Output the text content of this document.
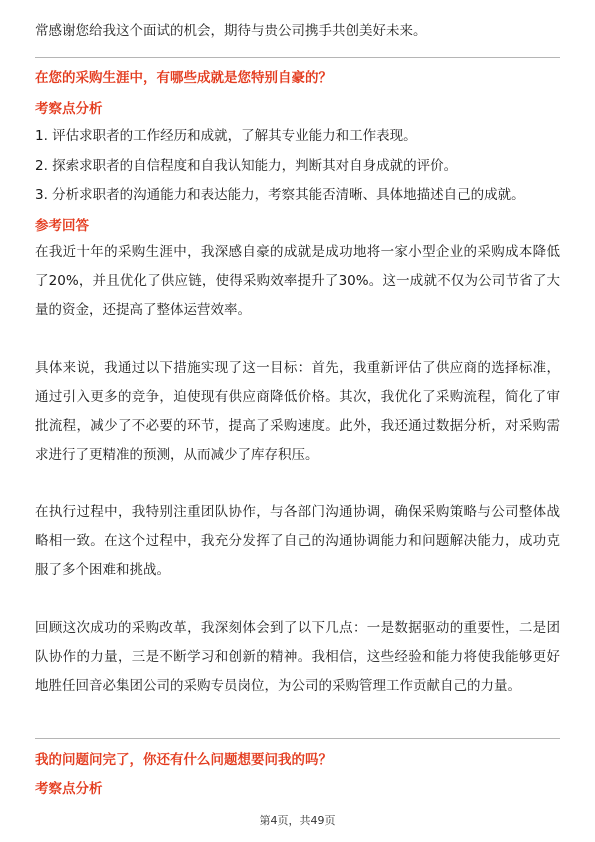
常感谢您给我这个面试的机会，期待与贵公司携手共创美好未来。
在您的采购生涯中，有哪些成就是您特别自豪的？
考察点分析
1. 评估求职者的工作经历和成就，了解其专业能力和工作表现。
2. 探索求职者的自信程度和自我认知能力，判断其对自身成就的评价。
3. 分析求职者的沟通能力和表达能力，考察其能否清晰、具体地描述自己的成就。
参考回答
在我近十年的采购生涯中，我深感自豪的成就是成功地将一家小型企业的采购成本降低了20%，并且优化了供应链，使得采购效率提升了30%。这一成就不仅为公司节省了大量的资金，还提高了整体运营效率。
具体来说，我通过以下措施实现了这一目标：首先，我重新评估了供应商的选择标准，通过引入更多的竞争，迫使现有供应商降低价格。其次，我优化了采购流程，简化了审批流程，减少了不必要的环节，提高了采购速度。此外，我还通过数据分析，对采购需求进行了更精准的预测，从而减少了库存积压。
在执行过程中，我特别注重团队协作，与各部门沟通协调，确保采购策略与公司整体战略相一致。在这个过程中，我充分发挥了自己的沟通协调能力和问题解决能力，成功克服了多个困难和挑战。
回顾这次成功的采购改革，我深刻体会到了以下几点：一是数据驱动的重要性，二是团队协作的力量，三是不断学习和创新的精神。我相信，这些经验和能力将使我能够更好地胜任回音必集团公司的采购专员岗位，为公司的采购管理工作贡献自己的力量。
我的问题问完了，你还有什么问题想要问我的吗？
考察点分析
第4页，共49页
